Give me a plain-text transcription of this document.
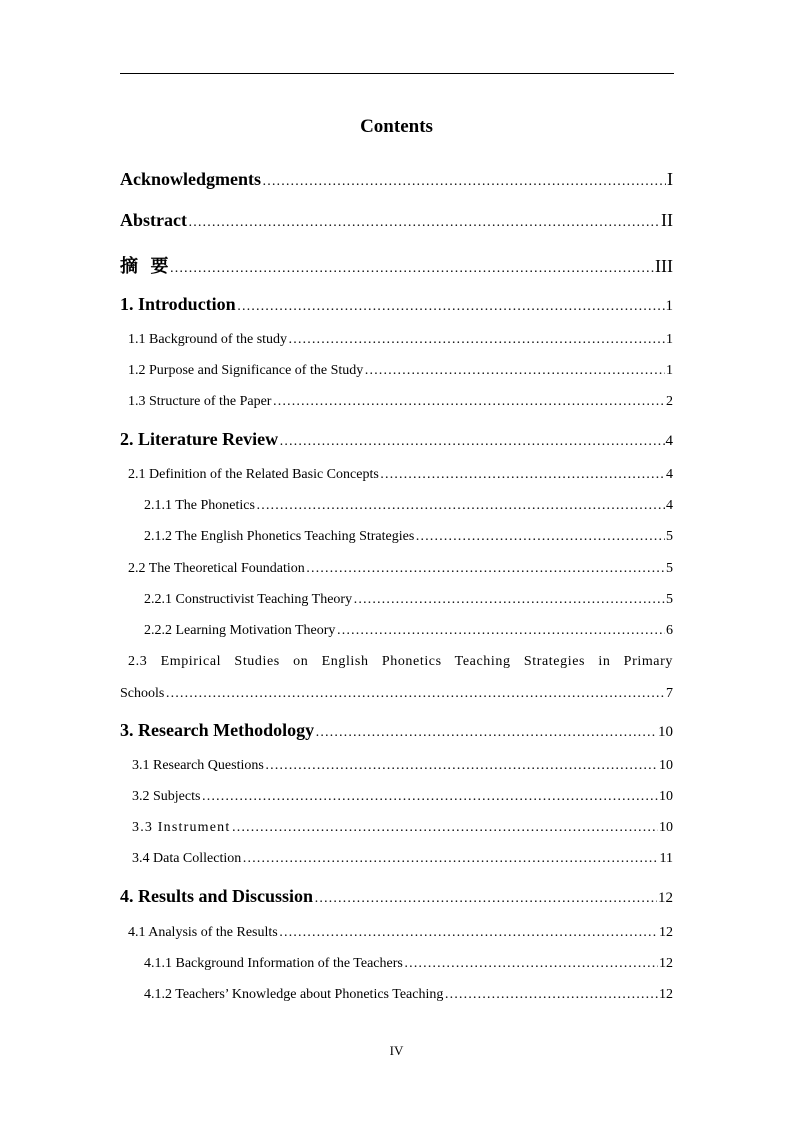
Contents
Acknowledgments ……………………………………………………………………………………………………………………………………………………………………………………………	I
Abstract ……………………………………………………………………………………………………………………………………………………………………………………………	II
摘  要 ……………………………………………………………………………………………………………………………………………………………………………………………	III
1. Introduction ……………………………………………………………………………………………………………………………………………………………………………………………	1
1.1 Background of the study ……………………………………………………………………………………………………………………………………………………………………………………………	1
1.2 Purpose and Significance of the Study ……………………………………………………………………………………………………………………………………………………………………………………………	1
1.3 Structure of the Paper ……………………………………………………………………………………………………………………………………………………………………………………………	2
2. Literature Review ……………………………………………………………………………………………………………………………………………………………………………………………	4
2.1 Definition of the Related Basic Concepts ……………………………………………………………………………………………………………………………………………………………………………………………	4
2.1.1 The Phonetics ……………………………………………………………………………………………………………………………………………………………………………………………	4
2.1.2 The English Phonetics Teaching Strategies ……………………………………………………………………………………………………………………………………………………………………………………………	5
2.2 The Theoretical Foundation ……………………………………………………………………………………………………………………………………………………………………………………………	5
2.2.1 Constructivist Teaching Theory ……………………………………………………………………………………………………………………………………………………………………………………………	5
2.2.2 Learning Motivation Theory ……………………………………………………………………………………………………………………………………………………………………………………………	6
2.3 Empirical Studies on English Phonetics Teaching Strategies in Primary
Schools ……………………………………………………………………………………………………………………………………………………………………………………………	7
3. Research Methodology ……………………………………………………………………………………………………………………………………………………………………………………………	10
3.1 Research Questions ……………………………………………………………………………………………………………………………………………………………………………………………	10
3.2 Subjects ……………………………………………………………………………………………………………………………………………………………………………………………	10
3.3 Instrument ……………………………………………………………………………………………………………………………………………………………………………………………	10
3.4 Data Collection ……………………………………………………………………………………………………………………………………………………………………………………………	11
4. Results and Discussion ……………………………………………………………………………………………………………………………………………………………………………………………	12
4.1 Analysis of the Results ……………………………………………………………………………………………………………………………………………………………………………………………	12
4.1.1 Background Information of the Teachers ……………………………………………………………………………………………………………………………………………………………………………………………	12
4.1.2 Teachers’ Knowledge about Phonetics Teaching ……………………………………………………………………………………………………………………………………………………………………………………………	12
IV
